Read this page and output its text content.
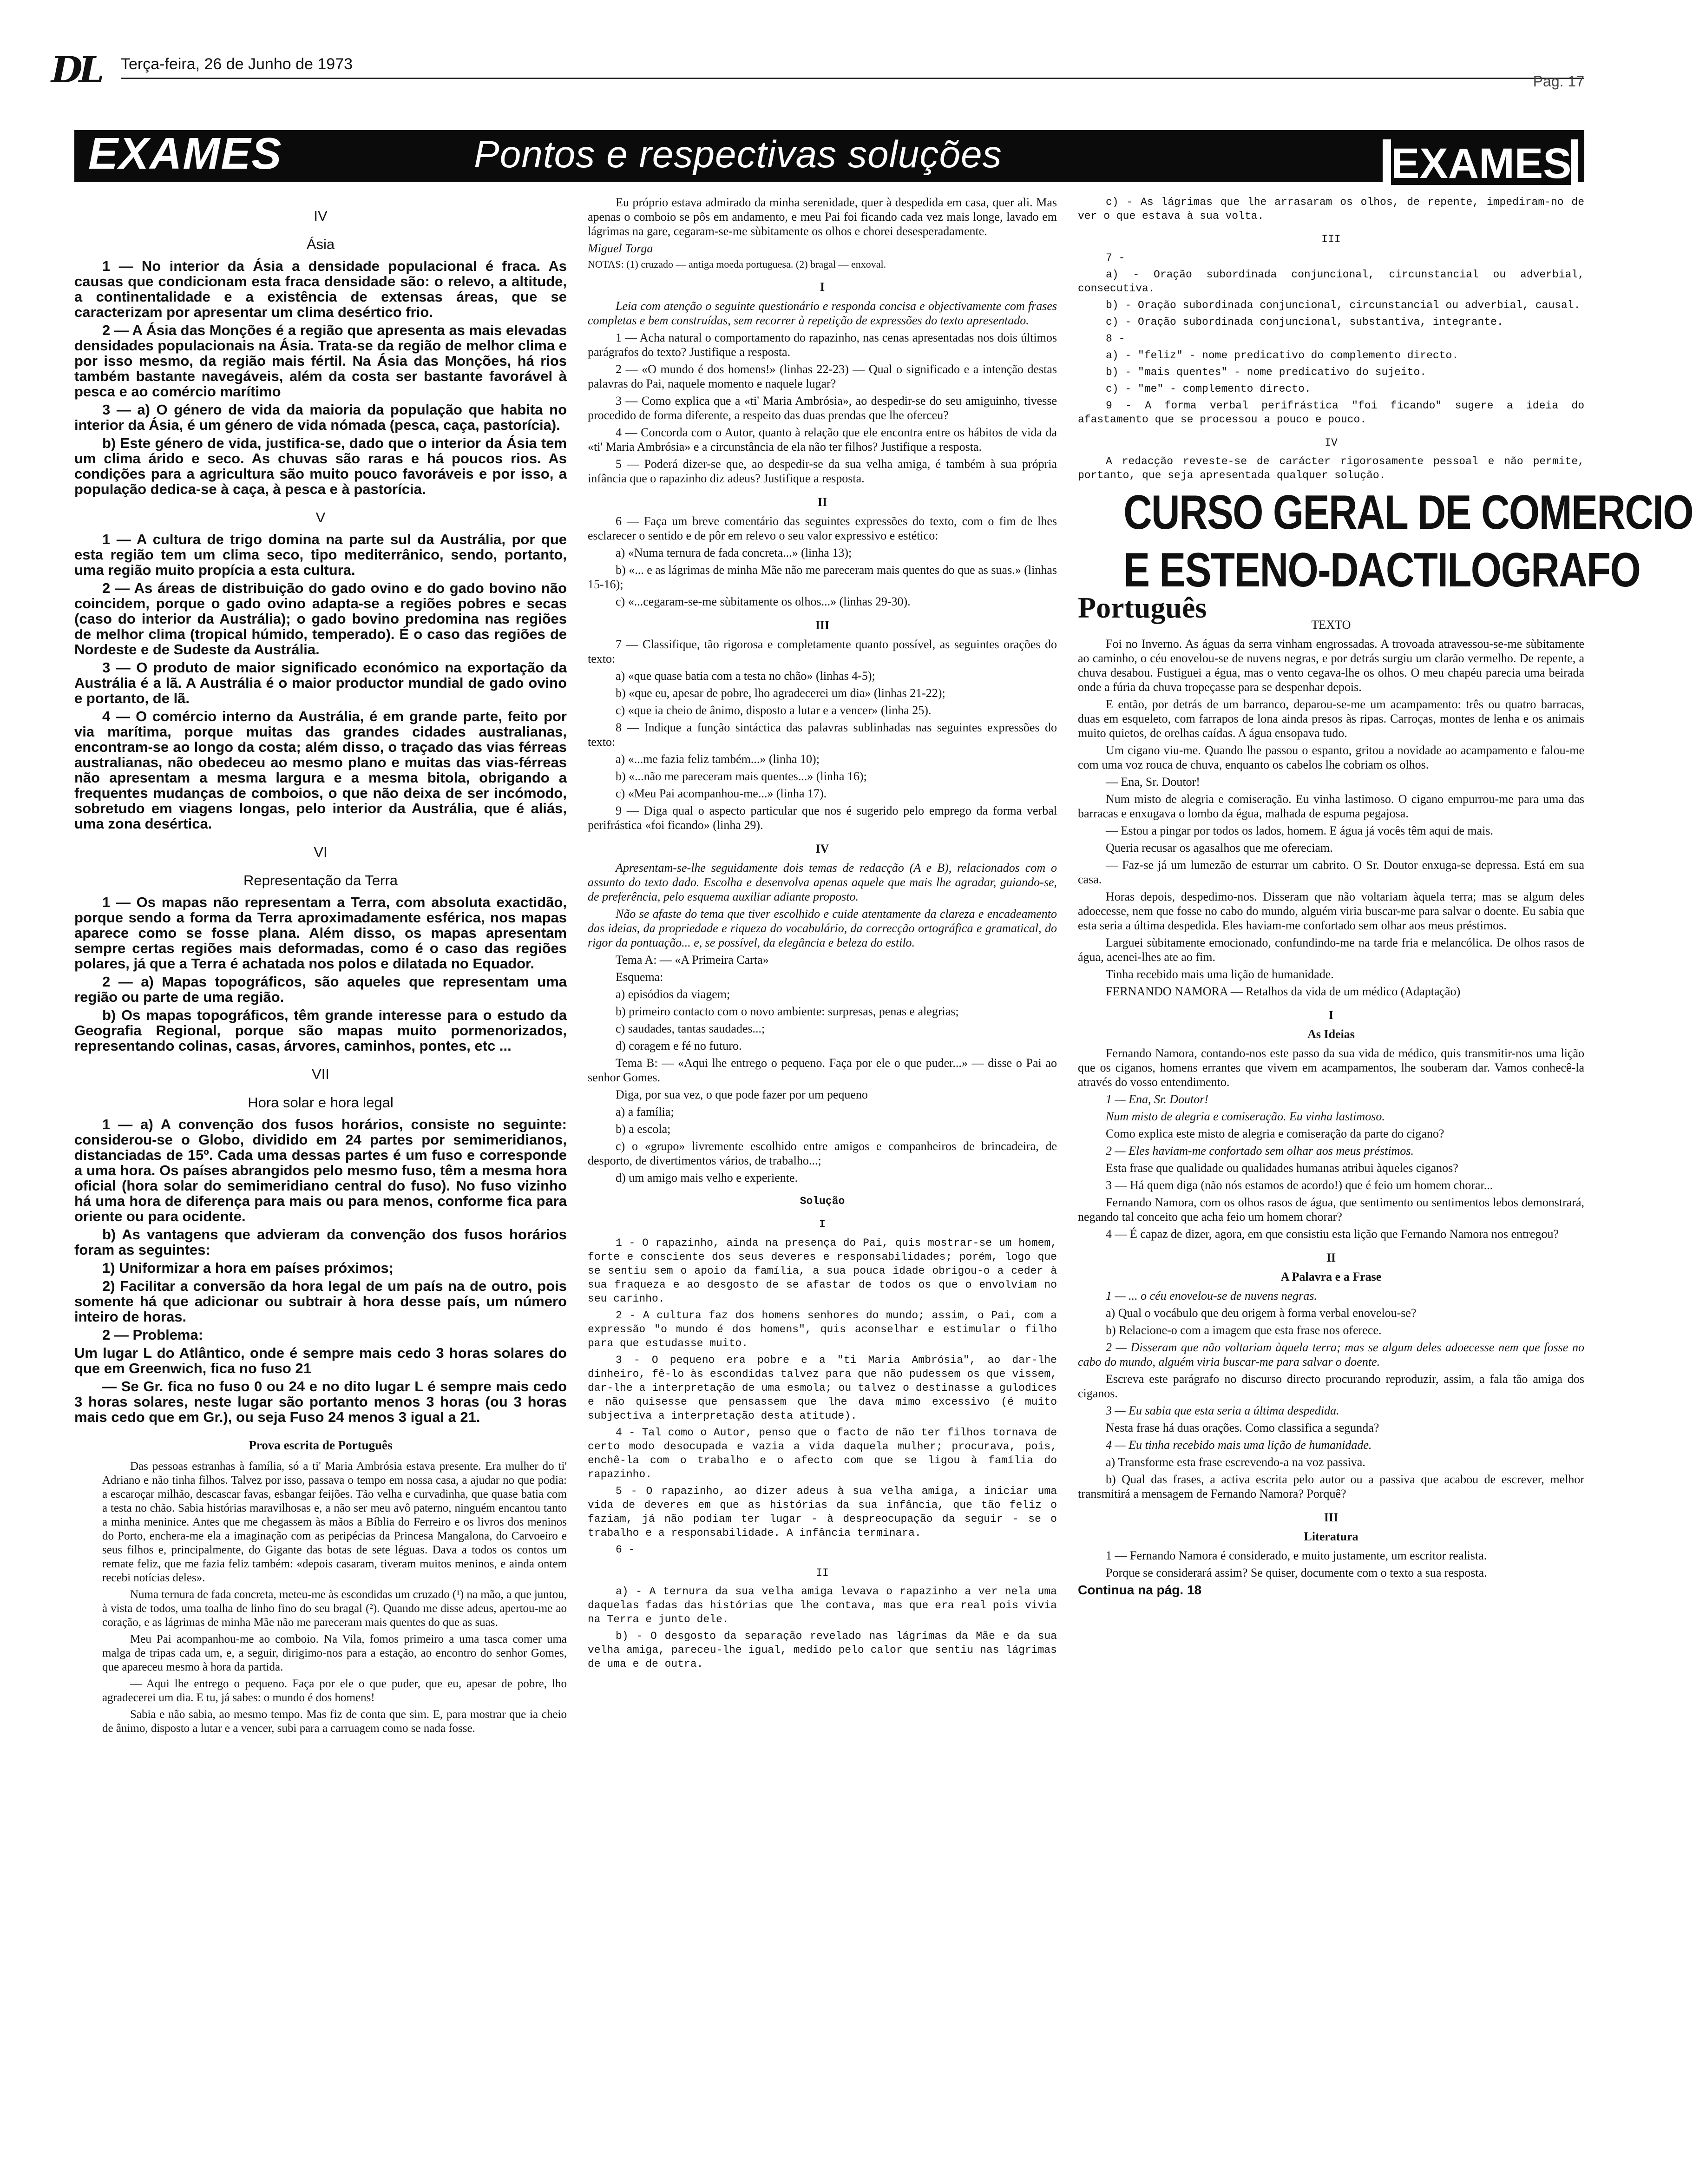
DL Terça-feira, 26 de Junho de 1973
Pag. 17
EXAMES	Pontos e respectivas soluções	EXAMES

IV

Ásia

1 — No interior da Ásia a densidade populacional é fraca. As causas que condicionam esta fraca densidade são: o relevo, a altitude, a continentalidade e a existência de extensas áreas, que se caracterizam por apresentar um clima desértico frio.

2 — A Ásia das Monções é a região que apresenta as mais elevadas densidades populacionais na Ásia. Trata-se da região de melhor clima e por isso mesmo, da região mais fértil. Na Ásia das Monções, há rios também bastante navegáveis, além da costa ser bastante favorável à pesca e ao comércio marítimo

3 — a) O género de vida da maioria da população que habita no interior da Ásia, é um género de vida nómada (pesca, caça, pastorícia).

b) Este género de vida, justifica-se, dado que o interior da Ásia tem um clima árido e seco. As chuvas são raras e há poucos rios. As condições para a agricultura são muito pouco favoráveis e por isso, a população dedica-se à caça, à pesca e à pastorícia.

V

1 — A cultura de trigo domina na parte sul da Austrália, por que esta região tem um clima seco, tipo mediterrânico, sendo, portanto, uma região muito propícia a esta cultura.

2 — As áreas de distribuição do gado ovino e do gado bovino não coincidem, porque o gado ovino adapta-se a regiões pobres e secas (caso do interior da Austrália); o gado bovino predomina nas regiões de melhor clima (tropical húmido, temperado). É o caso das regiões de Nordeste e de Sudeste da Austrália.

3 — O produto de maior significado económico na exportação da Austrália é a lã. A Austrália é o maior productor mundial de gado ovino e portanto, de lã.

4 — O comércio interno da Austrália, é em grande parte, feito por via marítima, porque muitas das grandes cidades australianas, encontram-se ao longo da costa; além disso, o traçado das vias férreas australianas, não obedeceu ao mesmo plano e muitas das vias-férreas não apresentam a mesma largura e a mesma bitola, obrigando a frequentes mudanças de comboios, o que não deixa de ser incómodo, sobretudo em viagens longas, pelo interior da Austrália, que é aliás, uma zona desértica.

VI

Representação da Terra

1 — Os mapas não representam a Terra, com absoluta exactidão, porque sendo a forma da Terra aproximadamente esférica, nos mapas aparece como se fosse plana. Além disso, os mapas apresentam sempre certas regiões mais deformadas, como é o caso das regiões polares, já que a Terra é achatada nos polos e dilatada no Equador.

2 — a) Mapas topográficos, são aqueles que representam uma região ou parte de uma região.

b) Os mapas topográficos, têm grande interesse para o estudo da Geografia Regional, porque são mapas muito pormenorizados, representando colinas, casas, árvores, caminhos, pontes, etc ...

VII

Hora solar e hora legal

1 — a) A convenção dos fusos horários, consiste no seguinte: considerou-se o Globo, dividido em 24 partes por semimeridianos, distanciadas de 15º. Cada uma dessas partes é um fuso e corresponde a uma hora. Os países abrangidos pelo mesmo fuso, têm a mesma hora oficial (hora solar do semimeridiano central do fuso). No fuso vizinho há uma hora de diferença para mais ou para menos, conforme fica para oriente ou para ocidente.

b) As vantagens que advieram da convenção dos fusos horários foram as seguintes:

1) Uniformizar a hora em países próximos;

2) Facilitar a conversão da hora legal de um país na de outro, pois somente há que adicionar ou subtrair à hora desse país, um número inteiro de horas.

2 — Problema:

Um lugar L do Atlântico, onde é sempre mais cedo 3 horas solares do que em Greenwich, fica no fuso 21

— Se Gr. fica no fuso 0 ou 24 e no dito lugar L é sempre mais cedo 3 horas solares, neste lugar são portanto menos 3 horas (ou 3 horas mais cedo que em Gr.), ou seja Fuso 24 menos 3 igual a 21.

Prova escrita de Português

Das pessoas estranhas à família, só a ti' Maria Ambrósia estava presente. Era mulher do ti' Adriano e não tinha filhos. Talvez por isso, passava o tempo em nossa casa, a ajudar no que podia: a escaroçar milhão, descascar favas, esbangar feijões. Tão velha e curvadinha, que quase batia com a testa no chão. Sabia histórias maravilhosas e, a não ser meu avô paterno, ninguém encantou tanto a minha meninice. Antes que me chegassem às mãos a Bíblia do Ferreiro e os livros dos meninos do Porto, enchera-me ela a imaginação com as peripécias da Princesa Mangalona, do Carvoeiro e seus filhos e, principalmente, do Gigante das botas de sete léguas. Dava a todos os contos um remate feliz, que me fazia feliz também: «depois casaram, tiveram muitos meninos, e ainda ontem recebi notícias deles».

Numa ternura de fada concreta, meteu-me às escondidas um cruzado (¹) na mão, a que juntou, à vista de todos, uma toalha de linho fino do seu bragal (²). Quando me disse adeus, apertou-me ao coração, e as lágrimas de minha Mãe não me pareceram mais quentes do que as suas.

Meu Pai acompanhou-me ao comboio. Na Vila, fomos primeiro a uma tasca comer uma malga de tripas cada um, e, a seguir, dirigimo-nos para a estação, ao encontro do senhor Gomes, que apareceu mesmo à hora da partida.

— Aqui lhe entrego o pequeno. Faça por ele o que puder, que eu, apesar de pobre, lho agradecerei um dia. E tu, já sabes: o mundo é dos homens!

Sabia e não sabia, ao mesmo tempo. Mas fiz de conta que sim. E, para mostrar que ia cheio de ânimo, disposto a lutar e a vencer, subi para a carruagem como se nada fosse.

Eu próprio estava admirado da minha serenidade, quer à despedida em casa, quer ali. Mas apenas o comboio se pôs em andamento, e meu Pai foi ficando cada vez mais longe, lavado em lágrimas na gare, cegaram-se-me sùbitamente os olhos e chorei desesperadamente.

Miguel Torga

NOTAS: (1) cruzado — antiga moeda portuguesa. (2) bragal — enxoval.

I

Leia com atenção o seguinte questionário e responda concisa e objectivamente com frases completas e bem construídas, sem recorrer à repetição de expressões do texto apresentado.

1 — Acha natural o comportamento do rapazinho, nas cenas apresentadas nos dois últimos parágrafos do texto? Justifique a resposta.

2 — «O mundo é dos homens!» (linhas 22-23) — Qual o significado e a intenção destas palavras do Pai, naquele momento e naquele lugar?

3 — Como explica que a «ti' Maria Ambrósia», ao despedir-se do seu amiguinho, tivesse procedido de forma diferente, a respeito das duas prendas que lhe oferceu?

4 — Concorda com o Autor, quanto à relação que ele encontra entre os hábitos de vida da «ti' Maria Ambrósia» e a circunstância de ela não ter filhos? Justifique a resposta.

5 — Poderá dizer-se que, ao despedir-se da sua velha amiga, é também à sua própria infância que o rapazinho diz adeus? Justifique a resposta.

II

6 — Faça um breve comentário das seguintes expressões do texto, com o fim de lhes esclarecer o sentido e de pôr em relevo o seu valor expressivo e estético:

a) «Numa ternura de fada concreta...» (linha 13);

b) «... e as lágrimas de minha Mãe não me pareceram mais quentes do que as suas.» (linhas 15-16);

c) «...cegaram-se-me sùbitamente os olhos...» (linhas 29-30).

III

7 — Classifique, tão rigorosa e completamente quanto possível, as seguintes orações do texto:

a) «que quase batia com a testa no chão» (linhas 4-5);

b) «que eu, apesar de pobre, lho agradecerei um dia» (linhas 21-22);

c) «que ia cheio de ânimo, disposto a lutar e a vencer» (linha 25).

8 — Indique a função sintáctica das palavras sublinhadas nas seguintes expressões do texto:

a) «...me fazia feliz também...» (linha 10);

b) «...não me pareceram mais quentes...» (linha 16);

c) «Meu Pai acompanhou-me...» (linha 17).

9 — Diga qual o aspecto particular que nos é sugerido pelo emprego da forma verbal perifrástica «foi ficando» (linha 29).

IV

Apresentam-se-lhe seguidamente dois temas de redacção (A e B), relacionados com o assunto do texto dado. Escolha e desenvolva apenas aquele que mais lhe agradar, guiando-se, de preferência, pelo esquema auxiliar adiante proposto.

Não se afaste do tema que tiver escolhido e cuide atentamente da clareza e encadeamento das ideias, da propriedade e riqueza do vocabulário, da correcção ortográfica e gramatical, do rigor da pontuação... e, se possível, da elegância e beleza do estilo.

Tema A: — «A Primeira Carta»

Esquema:

a) episódios da viagem;

b) primeiro contacto com o novo ambiente: surpresas, penas e alegrias;

c) saudades, tantas saudades...;

d) coragem e fé no futuro.

Tema B: — «Aqui lhe entrego o pequeno. Faça por ele o que puder...» — disse o Pai ao senhor Gomes.

Diga, por sua vez, o que pode fazer por um pequeno

a) a família;

b) a escola;

c) o «grupo» livremente escolhido entre amigos e companheiros de brincadeira, de desporto, de divertimentos vários, de trabalho...;

d) um amigo mais velho e experiente.

Solução

I

1 - O rapazinho, ainda na presença do Pai, quis mostrar-se um homem, forte e consciente dos seus deveres e responsabilidades; porém, logo que se sentiu sem o apoio da família, a sua pouca idade obrigou-o a ceder à sua fraqueza e ao desgosto de se afastar de todos os que o envolviam no seu carinho.

2 - A cultura faz dos homens senhores do mundo; assim, o Pai, com a expressão "o mundo é dos homens", quis aconselhar e estimular o filho para que estudasse muito.

3 - O pequeno era pobre e a "ti Maria Ambrósia", ao dar-lhe dinheiro, fê-lo às escondidas talvez para que não pudessem os que vissem, dar-lhe a interpretação de uma esmola; ou talvez o destinasse a gulodices e não quisesse que pensassem que lhe dava mimo excessivo (é muito subjectiva a interpretação desta atitude).

4 - Tal como o Autor, penso que o facto de não ter filhos tornava de certo modo desocupada e vazia a vida daquela mulher; procurava, pois, enchê-la com o trabalho e o afecto com que se ligou à família do rapazinho.

5 - O rapazinho, ao dizer adeus à sua velha amiga, a iniciar uma vida de deveres em que as histórias da sua infância, que tão feliz o faziam, já não podiam ter lugar - à despreocupação da seguir - se o trabalho e a responsabilidade. A infância terminara.

6 -

II

a) - A ternura da sua velha amiga levava o rapazinho a ver nela uma daquelas fadas das histórias que lhe contava, mas que era real pois vivia na Terra e junto dele.

b) - O desgosto da separação revelado nas lágrimas da Mãe e da sua velha amiga, pareceu-lhe igual, medido pelo calor que sentiu nas lágrimas de uma e de outra.

c) - As lágrimas que lhe arrasaram os olhos, de repente, impediram-no de ver o que estava à sua volta.

III

7 -

a) - Oração subordinada conjuncional, circunstancial ou adverbial, consecutiva.

b) - Oração subordinada conjuncional, circunstancial ou adverbial, causal.

c) - Oração subordinada conjuncional, substantiva, integrante.

8 -

a) - "feliz" - nome predicativo do complemento directo.

b) - "mais quentes" - nome predicativo do sujeito.

c) - "me" - complemento directo.

9 - A forma verbal perifrástica "foi ficando" sugere a ideia do afastamento que se processou a pouco e pouco.

IV

A redacção reveste-se de carácter rigorosamente pessoal e não permite, portanto, que seja apresentada qualquer solução.

CURSO GERAL DE COMERCIO

E ESTENO-DACTILOGRAFO

Português

TEXTO

Foi no Inverno. As águas da serra vinham engrossadas. A trovoada atravessou-se-me sùbitamente ao caminho, o céu enovelou-se de nuvens negras, e por detrás surgiu um clarão vermelho. De repente, a chuva desabou. Fustiguei a égua, mas o vento cegava-lhe os olhos. O meu chapéu parecia uma beirada onde a fúria da chuva tropeçasse para se despenhar depois.

E então, por detrás de um barranco, deparou-se-me um acampamento: três ou quatro barracas, duas em esqueleto, com farrapos de lona ainda presos às ripas. Carroças, montes de lenha e os animais muito quietos, de orelhas caídas. A água ensopava tudo.

Um cigano viu-me. Quando lhe passou o espanto, gritou a novidade ao acampamento e falou-me com uma voz rouca de chuva, enquanto os cabelos lhe cobriam os olhos.

— Ena, Sr. Doutor!

Num misto de alegria e comiseração. Eu vinha lastimoso. O cigano empurrou-me para uma das barracas e enxugava o lombo da égua, malhada de espuma pegajosa.

— Estou a pingar por todos os lados, homem. E água já vocês têm aqui de mais.

Queria recusar os agasalhos que me ofereciam.

— Faz-se já um lumezão de esturrar um cabrito. O Sr. Doutor enxuga-se depressa. Está em sua casa.

Horas depois, despedimo-nos. Disseram que não voltariam àquela terra; mas se algum deles adoecesse, nem que fosse no cabo do mundo, alguém viria buscar-me para salvar o doente. Eu sabia que esta seria a última despedida. Eles haviam-me confortado sem olhar aos meus préstimos.

Larguei sùbitamente emocionado, confundindo-me na tarde fria e melancólica. De olhos rasos de água, acenei-lhes ate ao fim.

Tinha recebido mais uma lição de humanidade.

FERNANDO NAMORA — Retalhos da vida de um médico (Adaptação)

I

As Ideias

Fernando Namora, contando-nos este passo da sua vida de médico, quis transmitir-nos uma lição que os ciganos, homens errantes que vivem em acampamentos, lhe souberam dar. Vamos conhecê-la através do vosso entendimento.

1 — Ena, Sr. Doutor!

Num misto de alegria e comiseração. Eu vinha lastimoso.

Como explica este misto de alegria e comiseração da parte do cigano?

2 — Eles haviam-me confortado sem olhar aos meus préstimos.

Esta frase que qualidade ou qualidades humanas atribui àqueles ciganos?

3 — Há quem diga (não nós estamos de acordo!) que é feio um homem chorar...

Fernando Namora, com os olhos rasos de água, que sentimento ou sentimentos lebos demonstrará, negando tal conceito que acha feio um homem chorar?

4 — É capaz de dizer, agora, em que consistiu esta lição que Fernando Namora nos entregou?

II

A Palavra e a Frase

1 — ... o céu enovelou-se de nuvens negras.

a) Qual o vocábulo que deu origem à forma verbal enovelou-se?

b) Relacione-o com a imagem que esta frase nos oferece.

2 — Disseram que não voltariam àquela terra; mas se algum deles adoecesse nem que fosse no cabo do mundo, alguém viria buscar-me para salvar o doente.

Escreva este parágrafo no discurso directo procurando reproduzir, assim, a fala tão amiga dos ciganos.

3 — Eu sabia que esta seria a última despedida.

Nesta frase há duas orações. Como classifica a segunda?

4 — Eu tinha recebido mais uma lição de humanidade.

a) Transforme esta frase escrevendo-a na voz passiva.

b) Qual das frases, a activa escrita pelo autor ou a passiva que acabou de escrever, melhor transmitirá a mensagem de Fernando Namora? Porquê?

III

Literatura

1 — Fernando Namora é considerado, e muito justamente, um escritor realista.

Porque se considerará assim? Se quiser, documente com o texto a sua resposta.

Continua na pág. 18
